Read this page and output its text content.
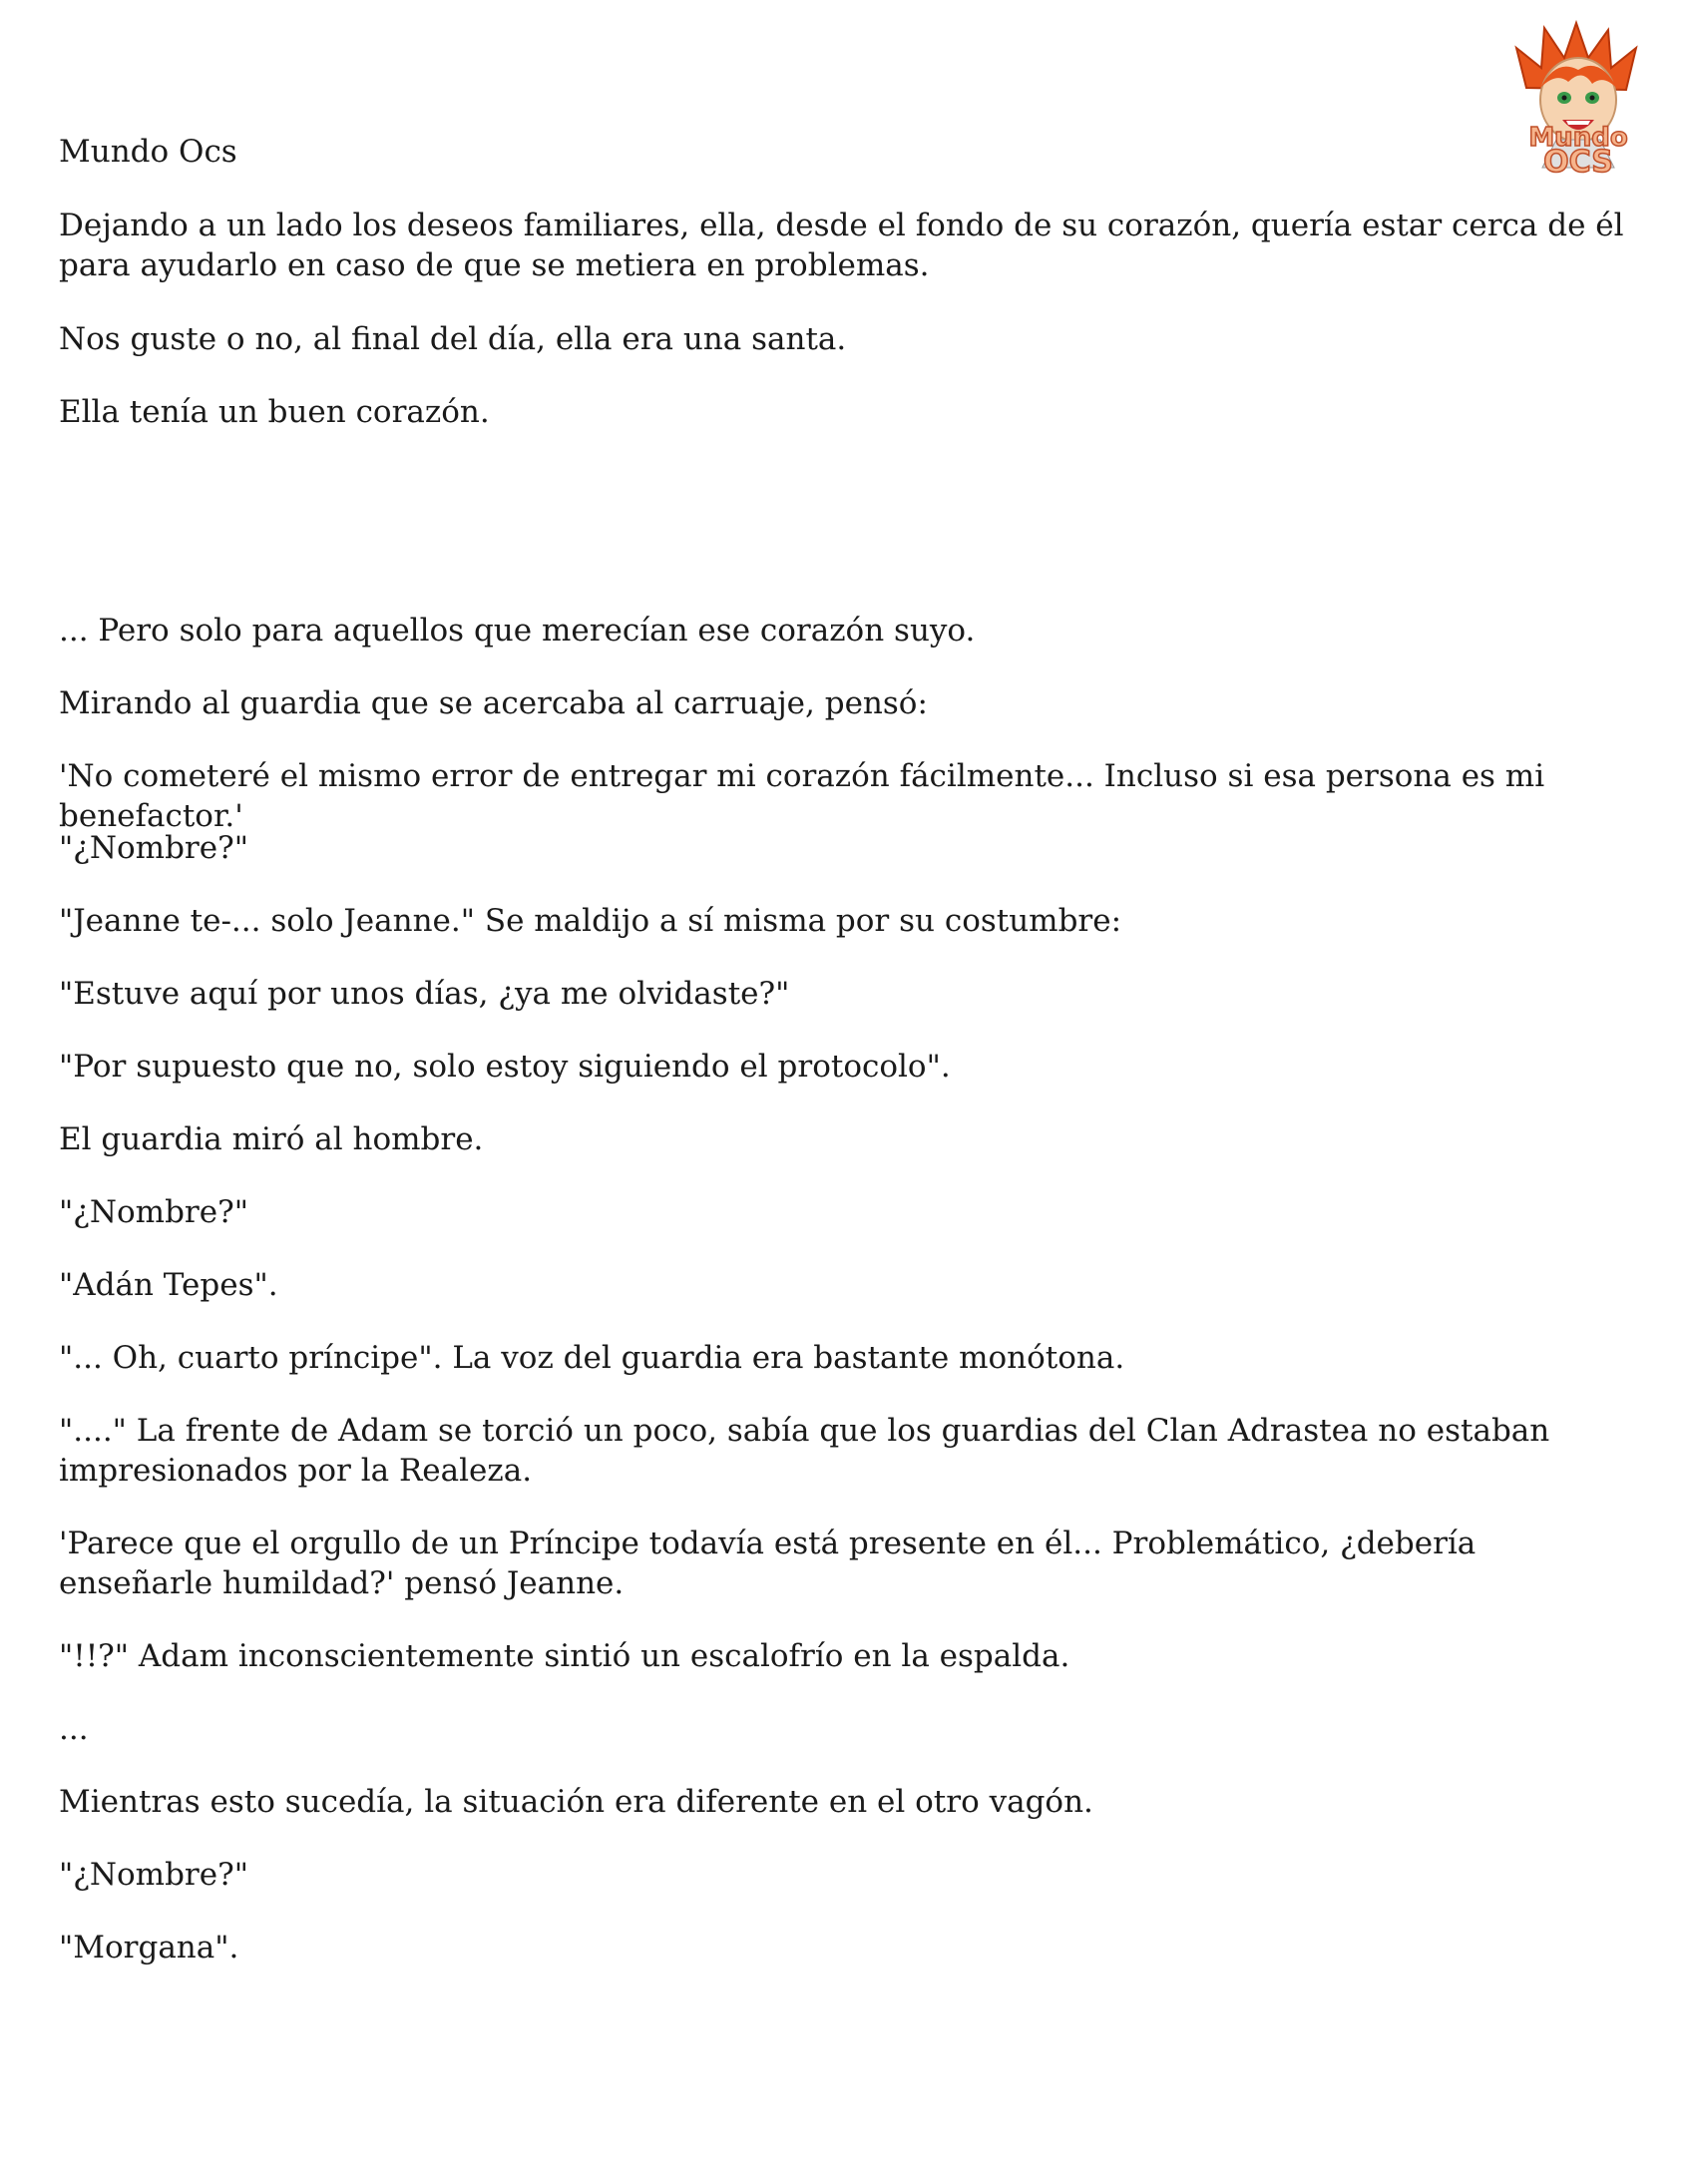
Mundo
OCS

Mundo Ocs

Dejando a un lado los deseos familiares, ella, desde el fondo de su corazón, quería estar cerca de él para ayudarlo en caso de que se metiera en problemas.

Nos guste o no, al final del día, ella era una santa.

Ella tenía un buen corazón.

... Pero solo para aquellos que merecían ese corazón suyo.

Mirando al guardia que se acercaba al carruaje, pensó:

'No cometeré el mismo error de entregar mi corazón fácilmente... Incluso si esa persona es mi benefactor.'

"¿Nombre?"

"Jeanne te-... solo Jeanne." Se maldijo a sí misma por su costumbre:

"Estuve aquí por unos días, ¿ya me olvidaste?"

"Por supuesto que no, solo estoy siguiendo el protocolo".

El guardia miró al hombre.

"¿Nombre?"

"Adán Tepes".

"... Oh, cuarto príncipe". La voz del guardia era bastante monótona.

"...." La frente de Adam se torció un poco, sabía que los guardias del Clan Adrastea no estaban impresionados por la Realeza.

'Parece que el orgullo de un Príncipe todavía está presente en él... Problemático, ¿debería enseñarle humildad?' pensó Jeanne.

"!!?" Adam inconscientemente sintió un escalofrío en la espalda.

...

Mientras esto sucedía, la situación era diferente en el otro vagón.

"¿Nombre?"

"Morgana".
